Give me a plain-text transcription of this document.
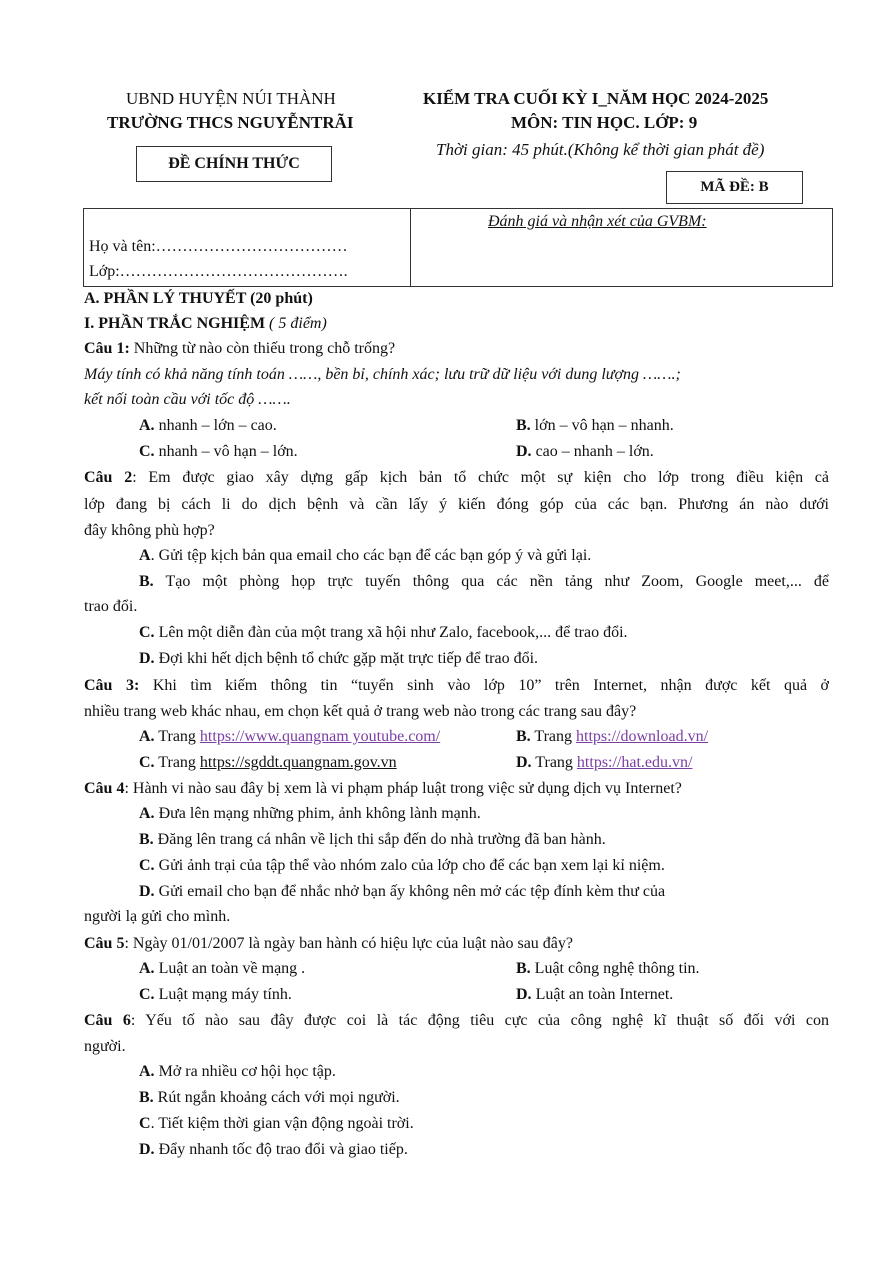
UBND HUYỆN NÚI THÀNH
TRƯỜNG THCS NGUYỄNTRÃI
ĐỀ CHÍNH THỨC
KIỂM TRA CUỐI KỲ I_NĂM HỌC 2024-2025
MÔN: TIN HỌC. LỚP: 9
Thời gian: 45 phút.(Không kể thời gian phát đề)
MÃ ĐỀ: B
Họ và tên:………………………………
Lớp:…………………………………….
Đánh giá và nhận xét của GVBM:
A. PHẦN LÝ THUYẾT (20 phút)
I. PHẦN TRẮC NGHIỆM ( 5 điểm)
Câu 1: Những từ nào còn thiếu trong chỗ trống?
Máy tính có khả năng tính toán ……, bền bỉ, chính xác; lưu trữ dữ liệu với dung lượng …….;
kết nối toàn cầu với tốc độ …….
A. nhanh – lớn – cao.	B. lớn – vô hạn – nhanh.
C. nhanh – vô hạn – lớn.	D. cao – nhanh – lớn.
Câu 2: Em được giao xây dựng gấp kịch bản tổ chức một sự kiện cho lớp trong điều kiện cả
lớp đang bị cách li do dịch bệnh và cần lấy ý kiến đóng góp của các bạn. Phương án nào dưới
đây không phù hợp?
A. Gửi tệp kịch bản qua email cho các bạn để các bạn góp ý và gửi lại.
B. Tạo một phòng họp trực tuyến thông qua các nền tảng như Zoom, Google meet,... để
trao đổi.
C. Lên một diễn đàn của một trang xã hội như Zalo, facebook,... để trao đổi.
D. Đợi khi hết dịch bệnh tổ chức gặp mặt trực tiếp để trao đổi.
Câu 3: Khi tìm kiếm thông tin “tuyển sinh vào lớp 10” trên Internet, nhận được kết quả ở
nhiều trang web khác nhau, em chọn kết quả ở trang web nào trong các trang sau đây?
A. Trang https://www.quangnam youtube.com/	B. Trang https://download.vn/
C. Trang https://sgddt.quangnam.gov.vn	D. Trang https://hat.edu.vn/
Câu 4: Hành vi nào sau đây bị xem là vi phạm pháp luật trong việc sử dụng dịch vụ Internet?
A. Đưa lên mạng những phim, ảnh không lành mạnh.
B. Đăng lên trang cá nhân về lịch thi sắp đến do nhà trường đã ban hành.
C. Gửi ảnh trại của tập thể vào nhóm zalo của lớp cho để các bạn xem lại kỉ niệm.
D. Gửi email cho bạn để nhắc nhở bạn ấy không nên mở các tệp đính kèm thư của
người lạ gửi cho mình.
Câu 5: Ngày 01/01/2007 là ngày ban hành có hiệu lực của luật nào sau đây?
A. Luật an toàn về mạng .	B. Luật công nghệ thông tin.
C. Luật mạng máy tính.	D. Luật an toàn Internet.
Câu 6: Yếu tố nào sau đây được coi là tác động tiêu cực của công nghệ kĩ thuật số đối với con
người.
A. Mở ra nhiều cơ hội học tập.
B. Rút ngắn khoảng cách với mọi người.
C. Tiết kiệm thời gian vận động ngoài trời.
D. Đẩy nhanh tốc độ trao đổi và giao tiếp.
